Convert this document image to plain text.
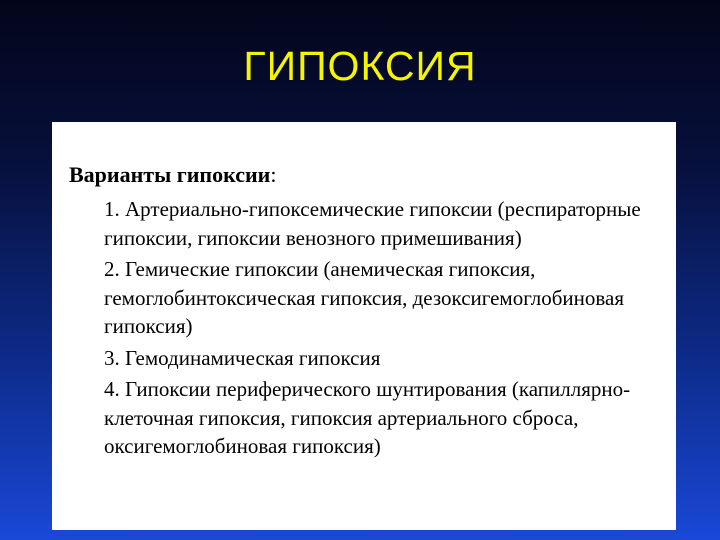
ГИПОКСИЯ
Варианты гипоксии:
1. Артериально-гипоксемические гипоксии (респираторные гипоксии, гипоксии венозного примешивания)
2. Гемические гипоксии (анемическая гипоксия, гемоглобинтоксическая гипоксия, дезоксигемоглобиновая гипоксия)
3. Гемодинамическая гипоксия
4. Гипоксии периферического шунтирования (капиллярно-клеточная гипоксия, гипоксия артериального сброса, оксигемоглобиновая гипоксия)
